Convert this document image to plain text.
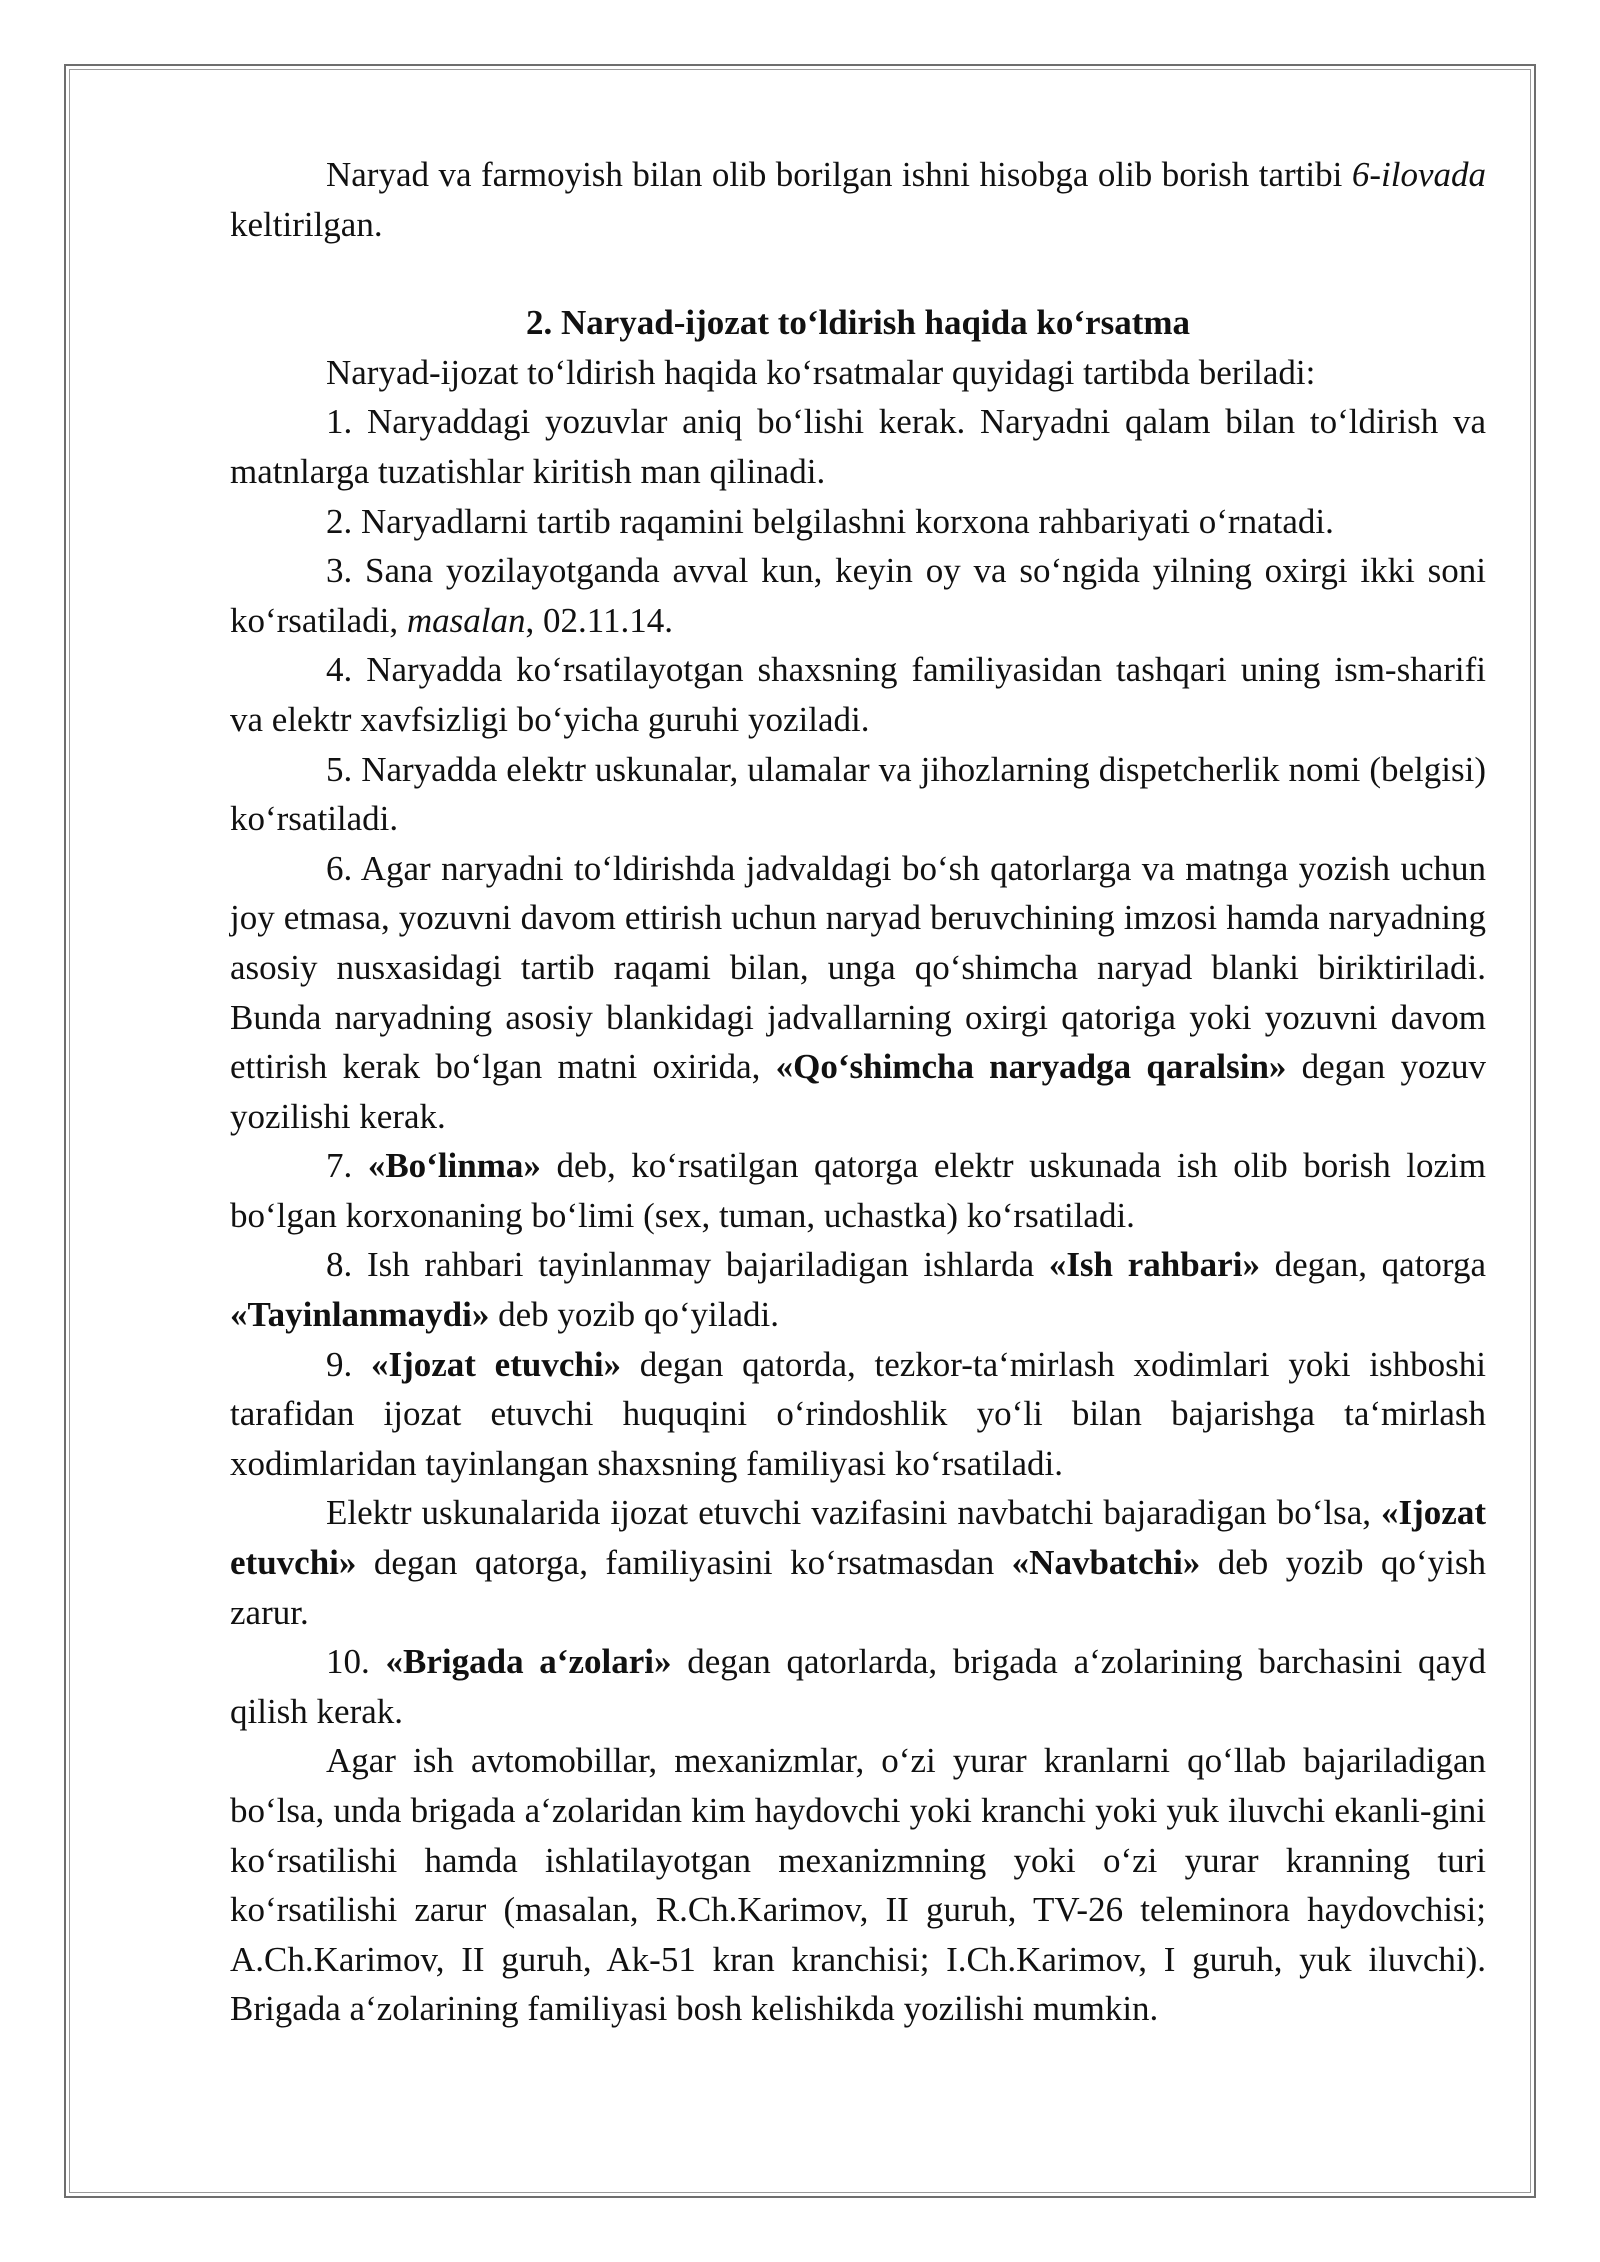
Naryad va farmoyish bilan olib borilgan ishni hisobga olib borish tartibi 6-ilovada keltirilgan.

2. Naryad-ijozat to‘ldirish haqida ko‘rsatma

Naryad-ijozat to‘ldirish haqida ko‘rsatmalar quyidagi tartibda beriladi:

1. Naryaddagi yozuvlar aniq bo‘lishi kerak. Naryadni qalam bilan to‘ldirish va matnlarga tuzatishlar kiritish man qilinadi.

2. Naryadlarni tartib raqamini belgilashni korxona rahbariyati o‘rnatadi.

3. Sana yozilayotganda avval kun, keyin oy va so‘ngida yilning oxirgi ikki soni ko‘rsatiladi, masalan, 02.11.14.

4. Naryadda ko‘rsatilayotgan shaxsning familiyasidan tashqari uning ism-sharifi va elektr xavfsizligi bo‘yicha guruhi yoziladi.

5. Naryadda elektr uskunalar, ulamalar va jihozlarning dispetcherlik nomi (belgisi) ko‘rsatiladi.

6. Agar naryadni to‘ldirishda jadvaldagi bo‘sh qatorlarga va matnga yozish uchun joy etmasa, yozuvni davom ettirish uchun naryad beruvchining imzosi hamda naryadning asosiy nusxasidagi tartib raqami bilan, unga qo‘shimcha naryad blanki biriktiriladi. Bunda naryadning asosiy blankidagi jadvallarning oxirgi qatoriga yoki yozuvni davom ettirish kerak bo‘lgan matni oxirida, «Qo‘shimcha naryadga qaralsin» degan yozuv yozilishi kerak.

7. «Bo‘linma» deb, ko‘rsatilgan qatorga elektr uskunada ish olib borish lozim bo‘lgan korxonaning bo‘limi (sex, tuman, uchastka) ko‘rsatiladi.

8. Ish rahbari tayinlanmay bajariladigan ishlarda «Ish rahbari» degan, qatorga «Tayinlanmaydi» deb yozib qo‘yiladi.

9. «Ijozat etuvchi» degan qatorda, tezkor-ta‘mirlash xodimlari yoki ishboshi tarafidan ijozat etuvchi huquqini o‘rindoshlik yo‘li bilan bajarishga ta‘mirlash xodimlaridan tayinlangan shaxsning familiyasi ko‘rsatiladi.

Elektr uskunalarida ijozat etuvchi vazifasini navbatchi bajaradigan bo‘lsa, «Ijozat etuvchi» degan qatorga, familiyasini ko‘rsatmasdan «Navbatchi» deb yozib qo‘yish zarur.

10. «Brigada a‘zolari» degan qatorlarda, brigada a‘zolarining barchasini qayd qilish kerak.

Agar ish avtomobillar, mexanizmlar, o‘zi yurar kranlarni qo‘llab bajariladigan bo‘lsa, unda brigada a‘zolaridan kim haydovchi yoki kranchi yoki yuk iluvchi ekanli-gini ko‘rsatilishi hamda ishlatilayotgan mexanizmning yoki o‘zi yurar kranning turi ko‘rsatilishi zarur (masalan, R.Ch.Karimov, II guruh, TV-26 teleminora haydovchisi; A.Ch.Karimov, II guruh, Ak-51 kran kranchisi; I.Ch.Karimov, I guruh, yuk iluvchi). Brigada a‘zolarining familiyasi bosh kelishikda yozilishi mumkin.
